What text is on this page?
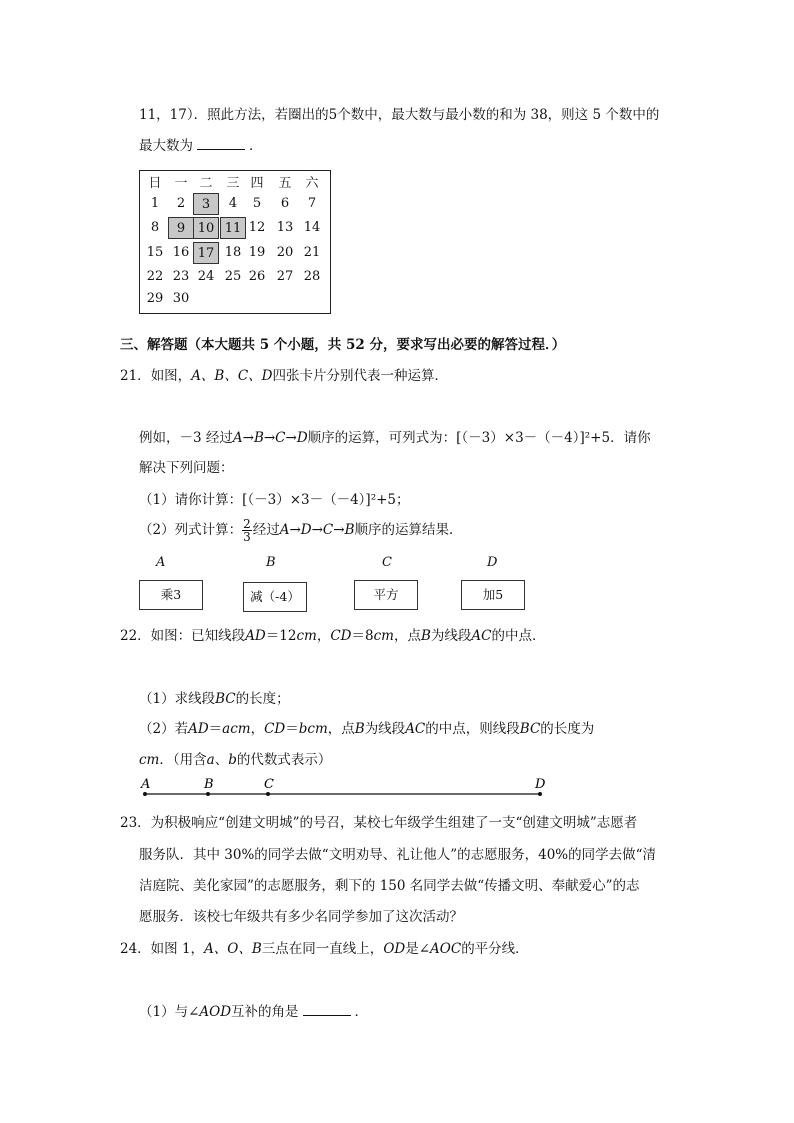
11，17）．照此方法，若圈出的5个数中，最大数与最小数的和为 38，则这 5 个数中的
最大数为	．
日 一 二	三 四	五	六
1	2	3	4	5	6	7
8	9 10 11 12 13 14
15 16 17 18 19 20 21
22 23 24 25 26 27 28
29 30
三、解答题（本大题共 5 个小题，共 52 分，要求写出必要的解答过程．）
21．如图，A、B、C、D四张卡片分别代表一种运算．
例如，－3 经过A→B→C→D顺序的运算，可列式为：[（－3）×3－（－4）]²+5．请你
解决下列问题：
（1）请你计算：[（－3）×3－（－4）]²+5；
（2）列式计算： $\frac{2}{3}$ 经过A→D→C→B顺序的运算结果．
A	B	C	D
乘3	减（-4）	平方	加5
22．如图：已知线段AD＝12cm，CD＝8cm，点B为线段AC的中点．
（1）求线段BC的长度；
（2）若AD＝acm，CD＝bcm，点B为线段AC的中点，则线段BC的长度为
cm．（用含a、b的代数式表示）
A	B	C	D
23．为积极响应“创建文明城”的号召，某校七年级学生组建了一支“创建文明城”志愿者
服务队．其中 30%的同学去做“文明劝导、礼让他人”的志愿服务，40%的同学去做“清
洁庭院、美化家园”的志愿服务，剩下的 150 名同学去做“传播文明、奉献爱心”的志
愿服务．该校七年级共有多少名同学参加了这次活动？
24．如图 1，A、O、B三点在同一直线上，OD是∠AOC的平分线．
（1）与∠AOD互补的角是	．
